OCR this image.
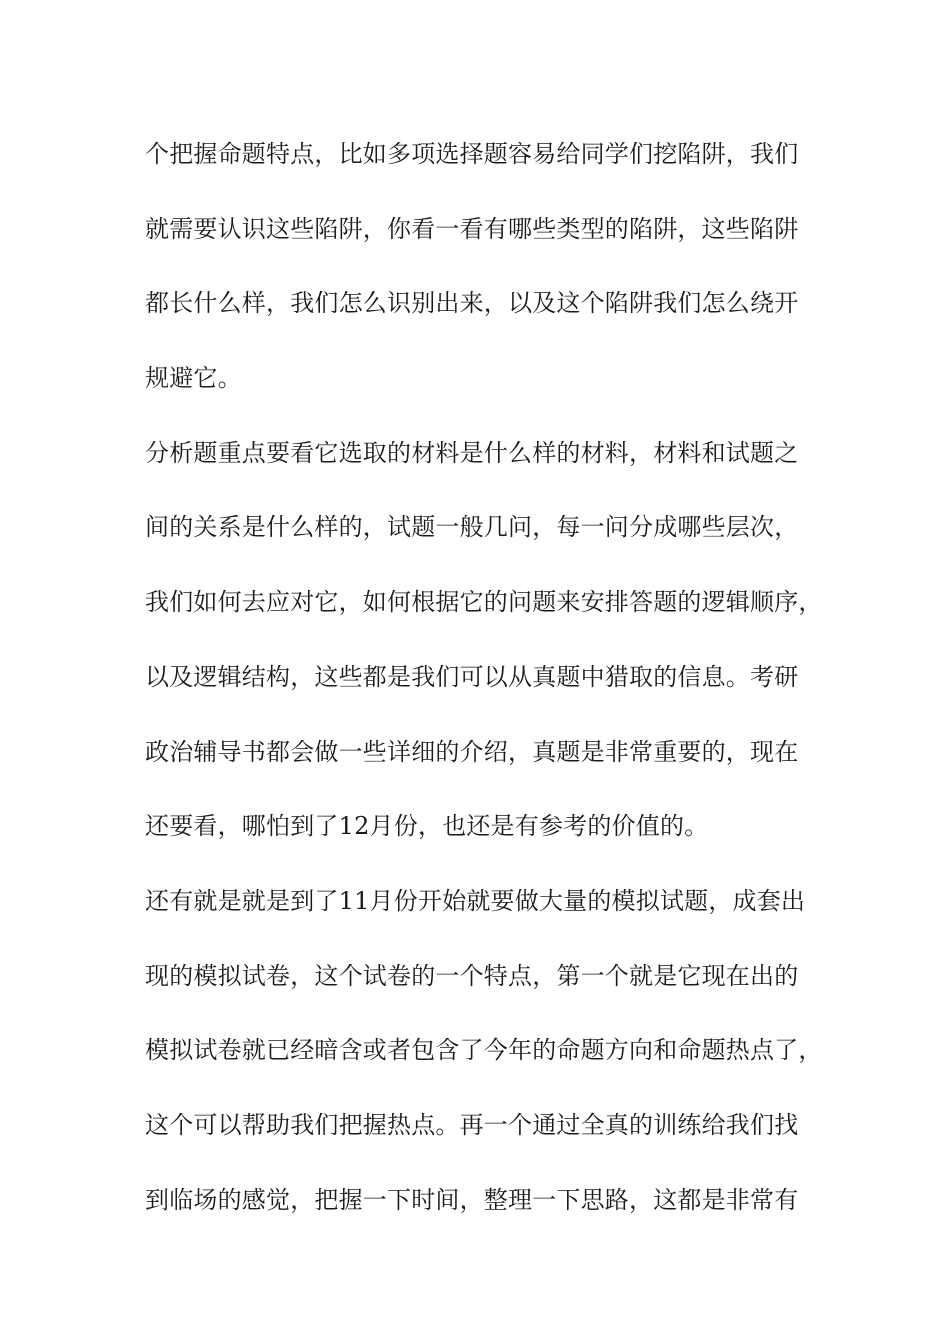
个把握命题特点，比如多项选择题容易给同学们挖陷阱，我们
就需要认识这些陷阱，你看一看有哪些类型的陷阱，这些陷阱
都长什么样，我们怎么识别出来，以及这个陷阱我们怎么绕开
规避它。
分析题重点要看它选取的材料是什么样的材料，材料和试题之
间的关系是什么样的，试题一般几问，每一问分成哪些层次，
我们如何去应对它，如何根据它的问题来安排答题的逻辑顺序，
以及逻辑结构，这些都是我们可以从真题中猎取的信息。考研
政治辅导书都会做一些详细的介绍，真题是非常重要的，现在
还要看，哪怕到了12月份，也还是有参考的价值的。
还有就是就是到了11月份开始就要做大量的模拟试题，成套出
现的模拟试卷，这个试卷的一个特点，第一个就是它现在出的
模拟试卷就已经暗含或者包含了今年的命题方向和命题热点了，
这个可以帮助我们把握热点。再一个通过全真的训练给我们找
到临场的感觉，把握一下时间，整理一下思路，这都是非常有
